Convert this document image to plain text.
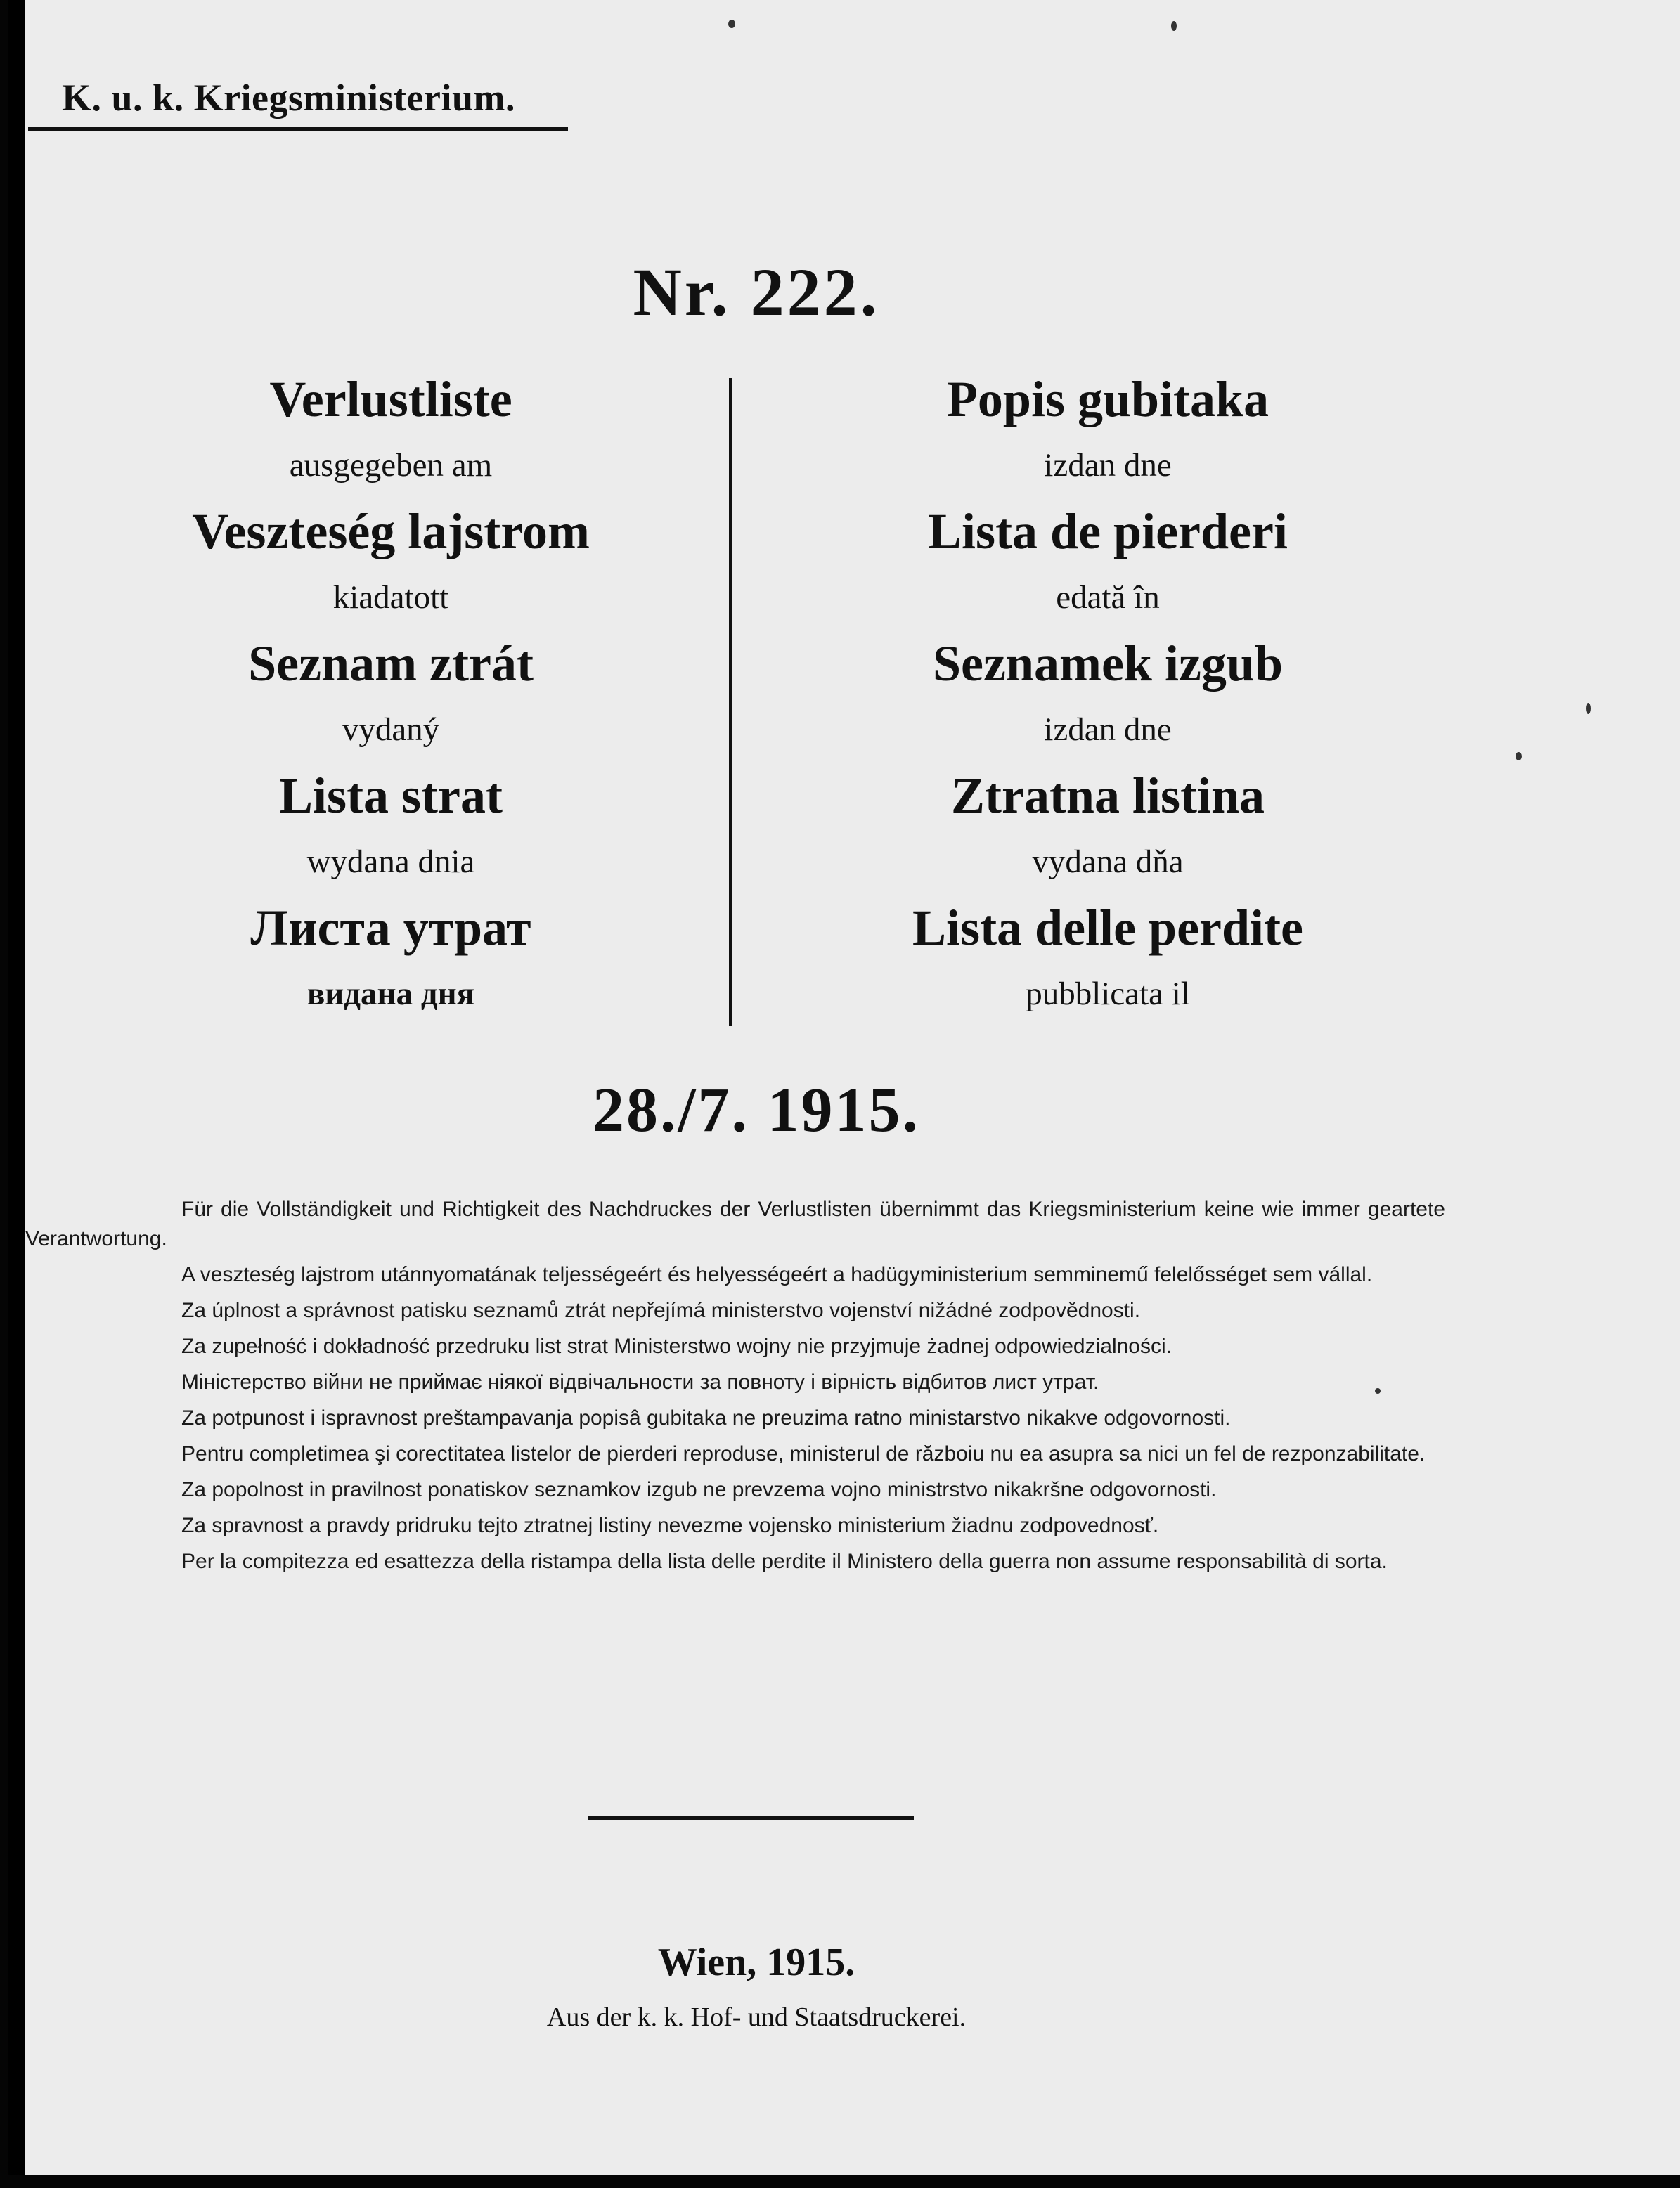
K. u. k. Kriegsministerium.
Nr. 222.
Verlustliste
ausgegeben am
Veszteség lajstrom
kiadatott
Seznam ztrát
vydaný
Lista strat
wydana dnia
Листа утрат
видана дня
Popis gubitaka
izdan dne
Lista de pierderi
edată în
Seznamek izgub
izdan dne
Ztratna listina
vydana dňa
Lista delle perdite
pubblicata il
28./7. 1915.

Für die Vollständigkeit und Richtigkeit des Nachdruckes der Verlustlisten übernimmt das Kriegsministerium keine wie immer geartete Verantwortung.

A veszteség lajstrom utánnyomatának teljességeért és helyességeért a hadügyministerium semminemű felelősséget sem vállal.

Za úplnost a správnost patisku seznamů ztrát nepřejímá ministerstvo vojenství nižádné zodpovědnosti.

Za zupełność i dokładność przedruku list strat Ministerstwo wojny nie przyjmuje żadnej odpowiedzialności.

Міністерство війни не приймає ніякої відвічальности за повноту і вірність відбитов лист утрат.

Za potpunost i ispravnost preštampavanja popisâ gubitaka ne preuzima ratno ministarstvo nikakve odgovornosti.

Pentru completimea şi corectitatea listelor de pierderi reproduse, ministerul de războiu nu ea asupra sa nici un fel de rezponzabilitate.

Za popolnost in pravilnost ponatiskov seznamkov izgub ne prevzema vojno ministrstvo nikakršne odgovornosti.

Za spravnost a pravdy pridruku tejto ztratnej listiny nevezme vojensko ministerium žiadnu zodpovednosť.

Per la compitezza ed esattezza della ristampa della lista delle perdite il Ministero della guerra non assume responsabilità di sorta.

Wien, 1915.
Aus der k. k. Hof- und Staatsdruckerei.
